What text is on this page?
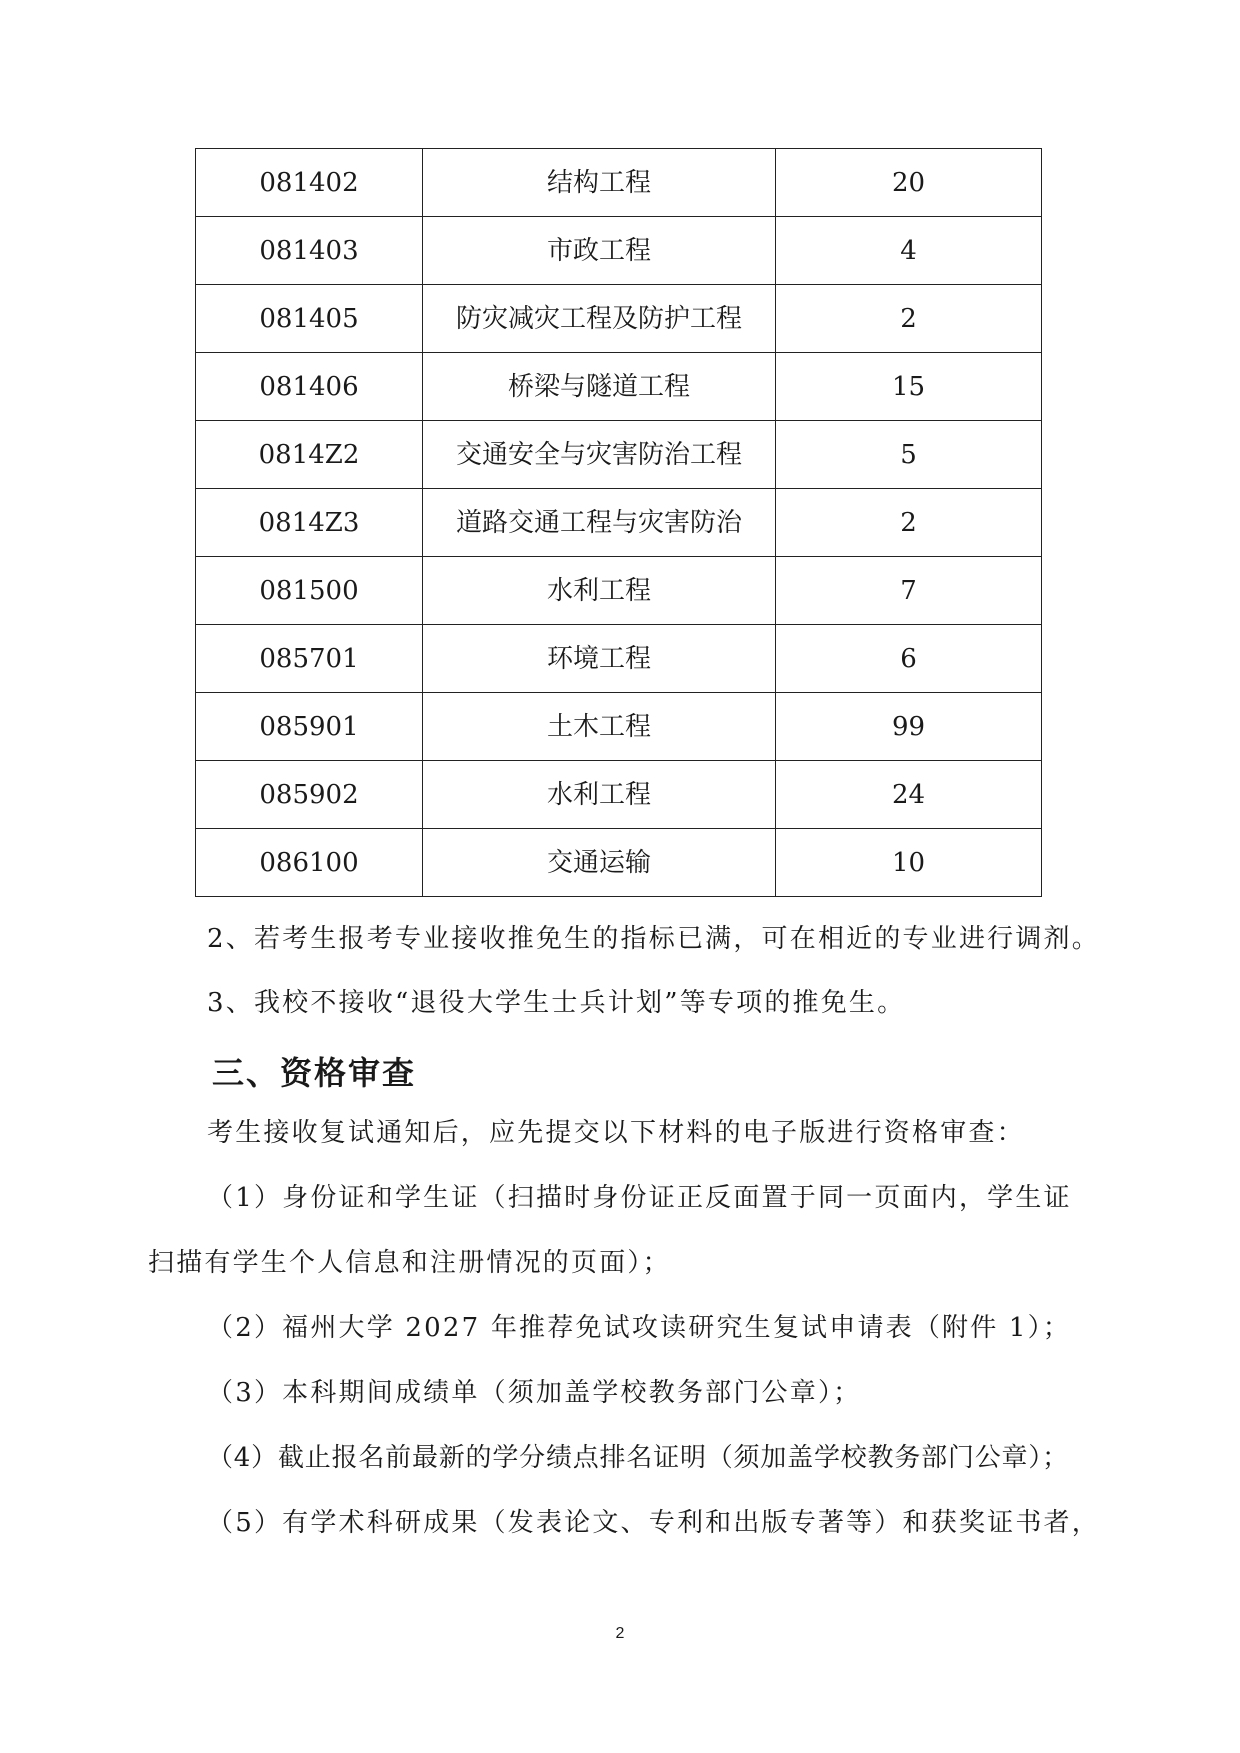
081402	结构工程	20
081403	市政工程	4
081405	防灾减灾工程及防护工程	2
081406	桥梁与隧道工程	15
0814Z2	交通安全与灾害防治工程	5
0814Z3	道路交通工程与灾害防治	2
081500	水利工程	7
085701	环境工程	6
085901	土木工程	99
085902	水利工程	24
086100	交通运输	10
2、若考生报考专业接收推免生的指标已满，可在相近的专业进行调剂。
3、我校不接收“退役大学生士兵计划”等专项的推免生。
三、资格审查
考生接收复试通知后，应先提交以下材料的电子版进行资格审查：
（1）身份证和学生证（扫描时身份证正反面置于同一页面内，学生证
扫描有学生个人信息和注册情况的页面）；
（2）福州大学 2027 年推荐免试攻读研究生复试申请表（附件 1）；
（3）本科期间成绩单（须加盖学校教务部门公章）；
（4）截止报名前最新的学分绩点排名证明（须加盖学校教务部门公章）；
（5）有学术科研成果（发表论文、专利和出版专著等）和获奖证书者，
2
